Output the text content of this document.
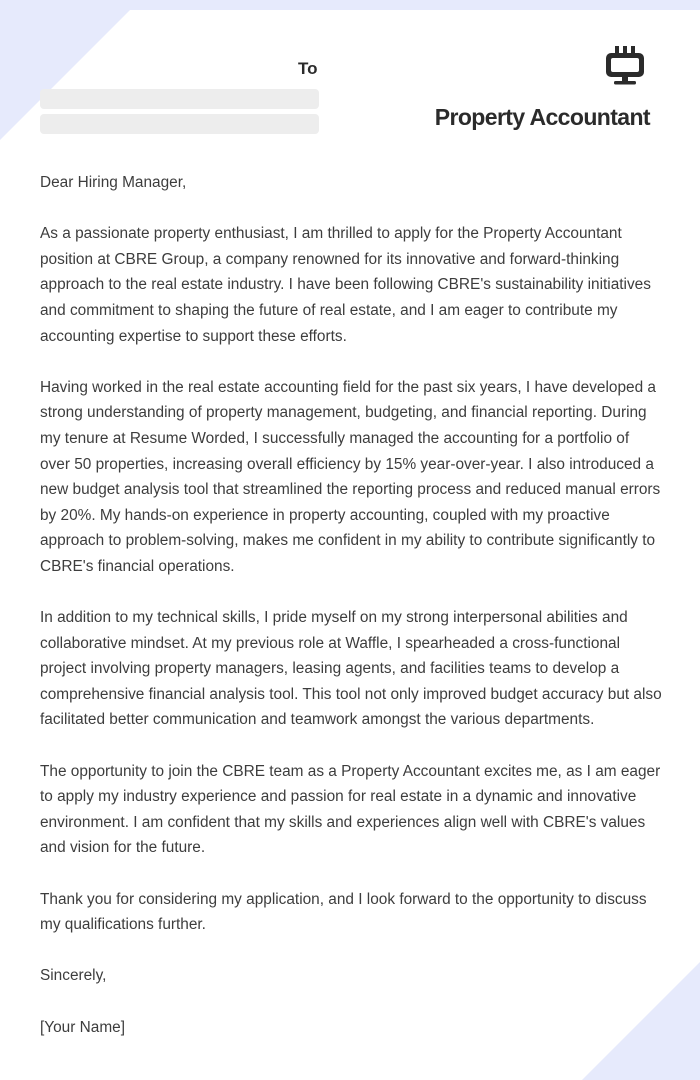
To
Property Accountant

Dear Hiring Manager,

As a passionate property enthusiast, I am thrilled to apply for the Property Accountant position at CBRE Group, a company renowned for its innovative and forward-thinking approach to the real estate industry. I have been following CBRE's sustainability initiatives and commitment to shaping the future of real estate, and I am eager to contribute my accounting expertise to support these efforts.

Having worked in the real estate accounting field for the past six years, I have developed a strong understanding of property management, budgeting, and financial reporting. During my tenure at Resume Worded, I successfully managed the accounting for a portfolio of over 50 properties, increasing overall efficiency by 15% year-over-year. I also introduced a new budget analysis tool that streamlined the reporting process and reduced manual errors by 20%. My hands-on experience in property accounting, coupled with my proactive approach to problem-solving, makes me confident in my ability to contribute significantly to CBRE's financial operations.

In addition to my technical skills, I pride myself on my strong interpersonal abilities and collaborative mindset. At my previous role at Waffle, I spearheaded a cross-functional project involving property managers, leasing agents, and facilities teams to develop a comprehensive financial analysis tool. This tool not only improved budget accuracy but also facilitated better communication and teamwork amongst the various departments.

The opportunity to join the CBRE team as a Property Accountant excites me, as I am eager to apply my industry experience and passion for real estate in a dynamic and innovative environment. I am confident that my skills and experiences align well with CBRE's values and vision for the future.

Thank you for considering my application, and I look forward to the opportunity to discuss my qualifications further.

Sincerely,

[Your Name]
